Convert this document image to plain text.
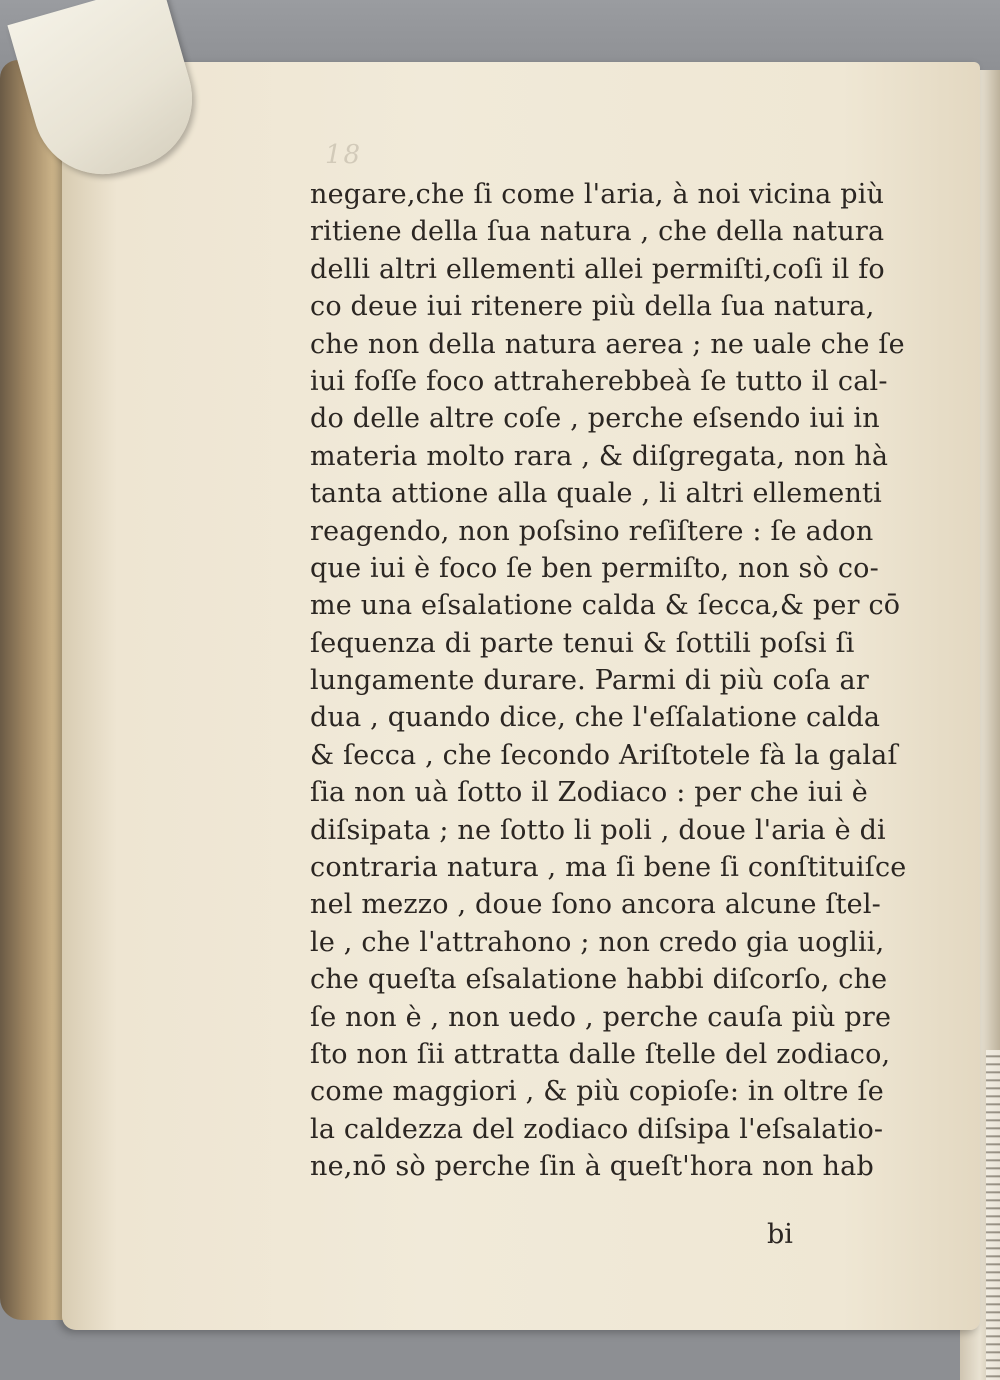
18
negare,che ſi come l'aria, à noi vicina più
ritiene della ſua natura , che della natura
delli altri ellementi allei permiſti,coſi il fo
co deue iui ritenere più della ſua natura,
che non della natura aerea ; ne uale che ſe
iui foſſe foco attraherebbeà ſe tutto il cal-
do delle altre coſe , perche eſsendo iui in
materia molto rara , & diſgregata, non hà
tanta attione alla quale , li altri ellementi
reagendo, non poſsino reſiſtere : ſe adon
que iui è foco ſe ben permiſto, non sò co-
me una eſsalatione calda & ſecca,& per cō
ſequenza di parte tenui & ſottili poſsi ſi
lungamente durare. Parmi di più coſa ar
dua , quando dice, che l'eſſalatione calda
& ſecca , che ſecondo Ariſtotele fà la galaſ
ſia non uà ſotto il Zodiaco : per che iui è
diſsipata ; ne ſotto li poli , doue l'aria è di
contraria natura , ma ſi bene ſi conſtituiſce
nel mezzo , doue ſono ancora alcune ſtel-
le , che l'attrahono ; non credo gia uoglii,
che queſta eſsalatione habbi diſcorſo, che
ſe non è , non uedo , perche cauſa più pre
ſto non ſii attratta dalle ſtelle del zodiaco,
come maggiori , & più copioſe: in oltre ſe
la caldezza del zodiaco diſsipa l'eſsalatio-
ne,nō sò perche ſin à queſt'hora non hab
bi
